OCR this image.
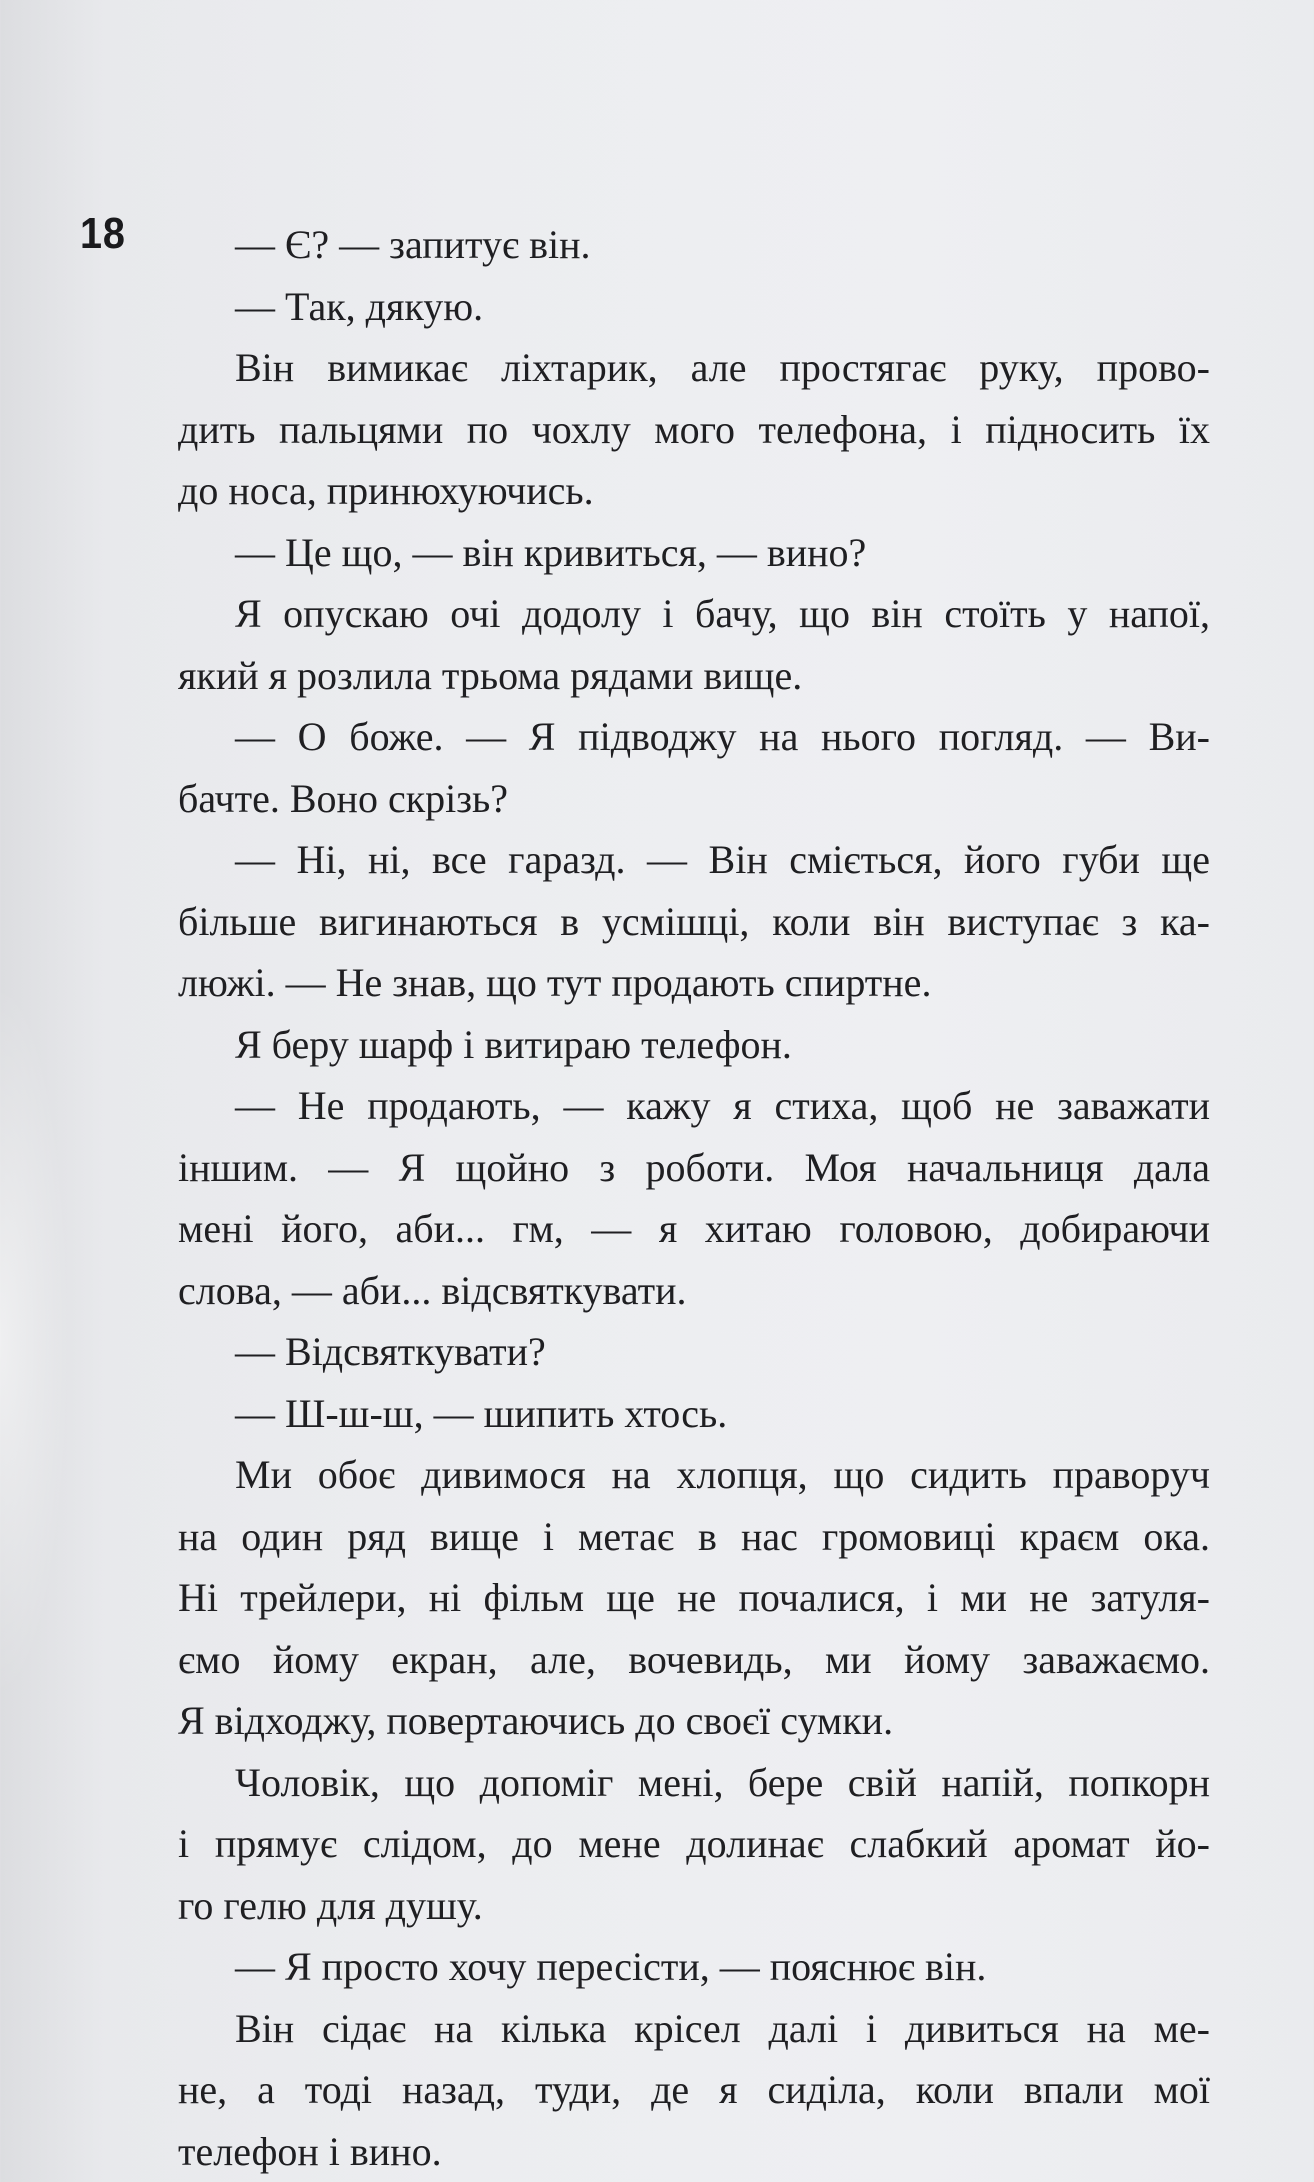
18	— Є? — запитує він.
— Так, дякую.
Він вимикає ліхтарик, але простягає руку, прово-
дить пальцями по чохлу мого телефона, і підносить їх
до носа, принюхуючись.
— Це що, — він кривиться, — вино?
Я опускаю очі додолу і бачу, що він стоїть у напої,
який я розлила трьома рядами вище.
— О боже. — Я підводжу на нього погляд. — Ви-
бачте. Воно скрізь?
— Ні, ні, все гаразд. — Він сміється, його губи ще
більше вигинаються в усмішці, коли він виступає з ка-
люжі. — Не знав, що тут продають спиртне.
Я беру шарф і витираю телефон.
— Не продають, — кажу я стиха, щоб не заважати
іншим. — Я щойно з роботи. Моя начальниця дала
мені його, аби... гм, — я хитаю головою, добираючи
слова, — аби... відсвяткувати.
— Відсвяткувати?
— Ш-ш-ш, — шипить хтось.
Ми обоє дивимося на хлопця, що сидить праворуч
на один ряд вище і метає в нас громовиці краєм ока.
Ні трейлери, ні фільм ще не почалися, і ми не затуля-
ємо йому екран, але, вочевидь, ми йому заважаємо.
Я відходжу, повертаючись до своєї сумки.
Чоловік, що допоміг мені, бере свій напій, попкорн
і прямує слідом, до мене долинає слабкий аромат йо-
го гелю для душу.
— Я просто хочу пересісти, — пояснює він.
Він сідає на кілька крісел далі і дивиться на ме-
не, а тоді назад, туди, де я сиділа, коли впали мої
телефон і вино.
